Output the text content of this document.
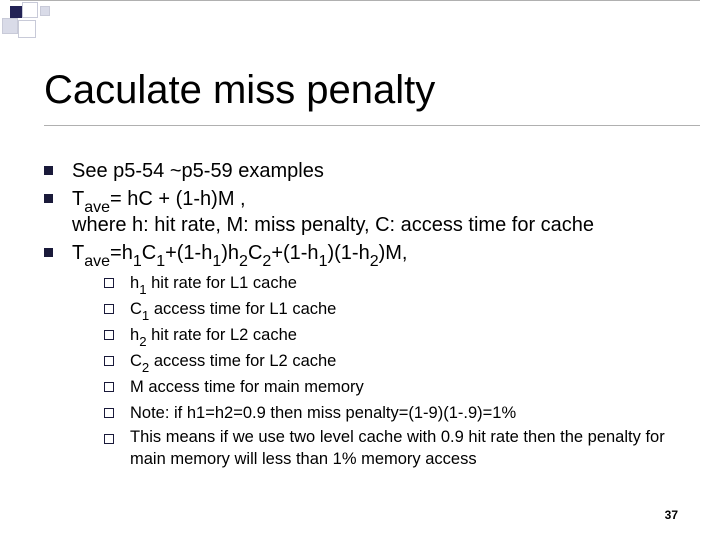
Caculate miss penalty
See p5-54 ~p5-59 examples
$T_{ave}=$ hC + (1-h)M ,
where h: hit rate, M: miss penalty, C: access time for cache
$T_{ave}=h_1C_1+(1-h_1)h_2C_2+(1-h_1)(1-h_2)M$,
$h_1$ hit rate for L1 cache
$C_1$ access time for L1 cache
$h_2$ hit rate for L2 cache
$C_2$ access time for L2 cache
M access time for main memory
Note: if h1=h2=0.9 then miss penalty=(1-9)(1-.9)=1%
This means if we use two level cache with 0.9 hit rate then the penalty for main memory will less than 1% memory access
37
